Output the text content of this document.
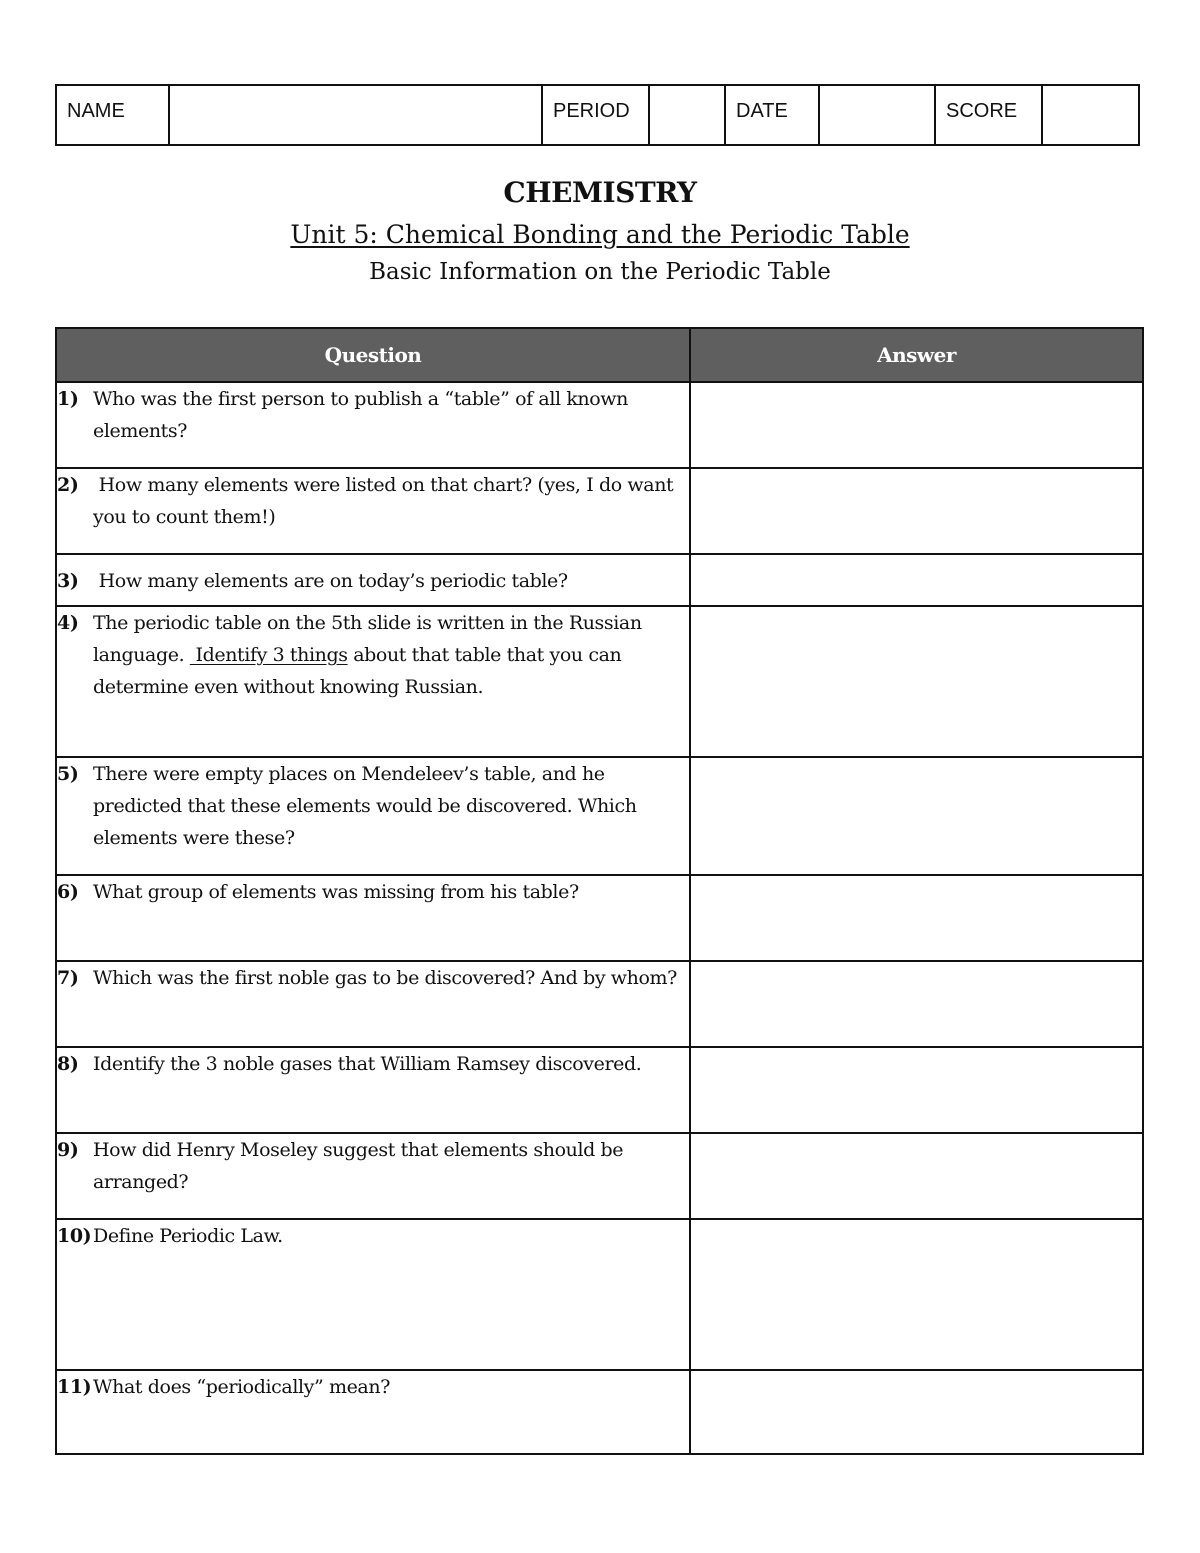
NAME		PERIOD		DATE		SCORE	
CHEMISTRY
Unit 5: Chemical Bonding and the Periodic Table
Basic Information on the Periodic Table
Question	Answer

1) Who was the first person to publish a “table” of all known elements?	

2) How many elements were listed on that chart? (yes, I do want you to count them!)	

3) How many elements are on today’s periodic table?	

4) The periodic table on the 5th slide is written in the Russian language.  Identify 3 things about that table that you can determine even without knowing Russian.	

5) There were empty places on Mendeleev’s table, and he predicted that these elements would be discovered. Which elements were these?	

6) What group of elements was missing from his table?	

7) Which was the first noble gas to be discovered? And by whom?	

8) Identify the 3 noble gases that William Ramsey discovered.	

9) How did Henry Moseley suggest that elements should be arranged?	

10) Define Periodic Law.	

11) What does “periodically” mean?	
